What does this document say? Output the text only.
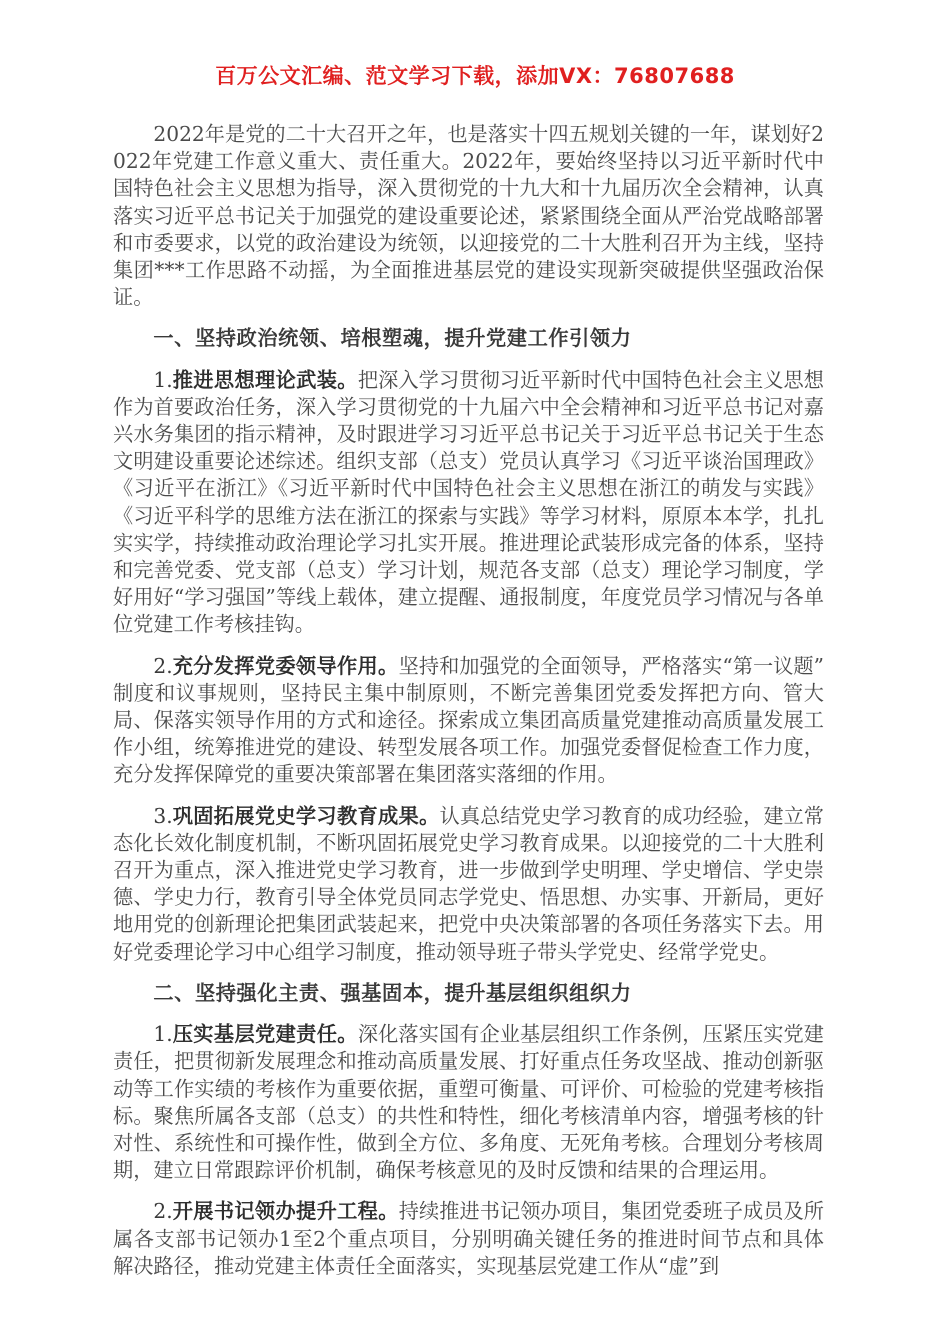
百万公文汇编、范文学习下载，添加VX：76807688

2022年是党的二十大召开之年，也是落实十四五规划关键的一年，谋划好2022年党建工作意义重大、责任重大。2022年，要始终坚持以习近平新时代中国特色社会主义思想为指导，深入贯彻党的十九大和十九届历次全会精神，认真落实习近平总书记关于加强党的建设重要论述，紧紧围绕全面从严治党战略部署和市委要求，以党的政治建设为统领，以迎接党的二十大胜利召开为主线，坚持集团***工作思路不动摇，为全面推进基层党的建设实现新突破提供坚强政治保证。

一、坚持政治统领、培根塑魂，提升党建工作引领力

1.推进思想理论武装。把深入学习贯彻习近平新时代中国特色社会主义思想作为首要政治任务，深入学习贯彻党的十九届六中全会精神和习近平总书记对嘉兴水务集团的指示精神，及时跟进学习习近平总书记关于习近平总书记关于生态文明建设重要论述综述。组织支部（总支）党员认真学习《习近平谈治国理政》《习近平在浙江》《习近平新时代中国特色社会主义思想在浙江的萌发与实践》《习近平科学的思维方法在浙江的探索与实践》等学习材料，原原本本学，扎扎实实学，持续推动政治理论学习扎实开展。推进理论武装形成完备的体系，坚持和完善党委、党支部（总支）学习计划，规范各支部（总支）理论学习制度，学好用好“学习强国”等线上载体，建立提醒、通报制度，年度党员学习情况与各单位党建工作考核挂钩。

2.充分发挥党委领导作用。坚持和加强党的全面领导，严格落实“第一议题”制度和议事规则，坚持民主集中制原则，不断完善集团党委发挥把方向、管大局、保落实领导作用的方式和途径。探索成立集团高质量党建推动高质量发展工作小组，统筹推进党的建设、转型发展各项工作。加强党委督促检查工作力度，充分发挥保障党的重要决策部署在集团落实落细的作用。

3.巩固拓展党史学习教育成果。认真总结党史学习教育的成功经验，建立常态化长效化制度机制，不断巩固拓展党史学习教育成果。以迎接党的二十大胜利召开为重点，深入推进党史学习教育，进一步做到学史明理、学史增信、学史崇德、学史力行，教育引导全体党员同志学党史、悟思想、办实事、开新局，更好地用党的创新理论把集团武装起来，把党中央决策部署的各项任务落实下去。用好党委理论学习中心组学习制度，推动领导班子带头学党史、经常学党史。

二、坚持强化主责、强基固本，提升基层组织组织力

1.压实基层党建责任。深化落实国有企业基层组织工作条例，压紧压实党建责任，把贯彻新发展理念和推动高质量发展、打好重点任务攻坚战、推动创新驱动等工作实绩的考核作为重要依据，重塑可衡量、可评价、可检验的党建考核指标。聚焦所属各支部（总支）的共性和特性，细化考核清单内容，增强考核的针对性、系统性和可操作性，做到全方位、多角度、无死角考核。合理划分考核周期，建立日常跟踪评价机制，确保考核意见的及时反馈和结果的合理运用。

2.开展书记领办提升工程。持续推进书记领办项目，集团党委班子成员及所属各支部书记领办1至2个重点项目，分别明确关键任务的推进时间节点和具体解决路径，推动党建主体责任全面落实，实现基层党建工作从“虚”到
